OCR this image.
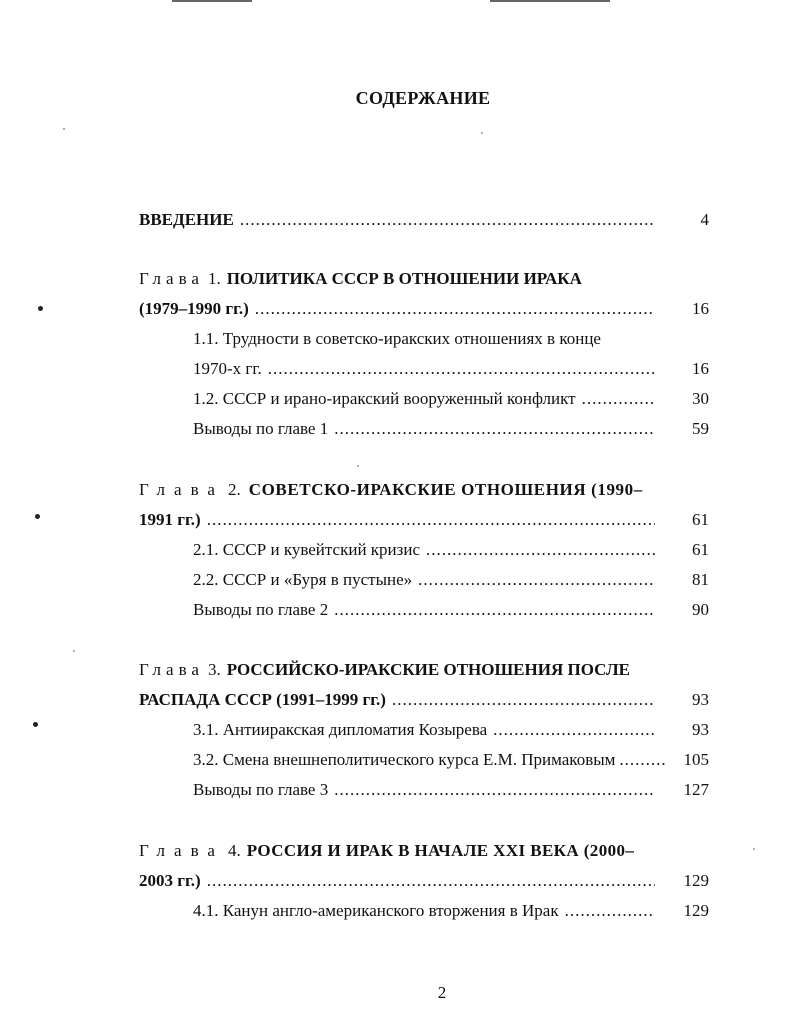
СОДЕРЖАНИЕ
ВВЕДЕНИЕ .....	4
Глава 1. ПОЛИТИКА СССР В ОТНОШЕНИИ ИРАКА
(1979–1990 гг.) .....	16
1.1. Трудности в советско-иракских отношениях в конце
1970-х гг. .....	16
1.2. СССР и ирано-иракский вооруженный конфликт .....	30
Выводы по главе 1 .....	59
Глава 2. СОВЕТСКО-ИРАКСКИЕ ОТНОШЕНИЯ (1990–
1991 гг.) .....	61
2.1. СССР и кувейтский кризис .....	61
2.2. СССР и «Буря в пустыне» .....	81
Выводы по главе 2 .....	90
Глава 3. РОССИЙСКО-ИРАКСКИЕ ОТНОШЕНИЯ ПОСЛЕ
РАСПАДА СССР (1991–1999 гг.) .....	93
3.1. Антииракская дипломатия Козырева .....	93
3.2. Смена внешнеполитического курса Е.М. Примаковым .....	105
Выводы по главе 3 .....	127
Глава 4. РОССИЯ И ИРАК В НАЧАЛЕ XXI ВЕКА (2000–
2003 гг.) .....	129
4.1. Канун англо-американского вторжения в Ирак .....	129
2
